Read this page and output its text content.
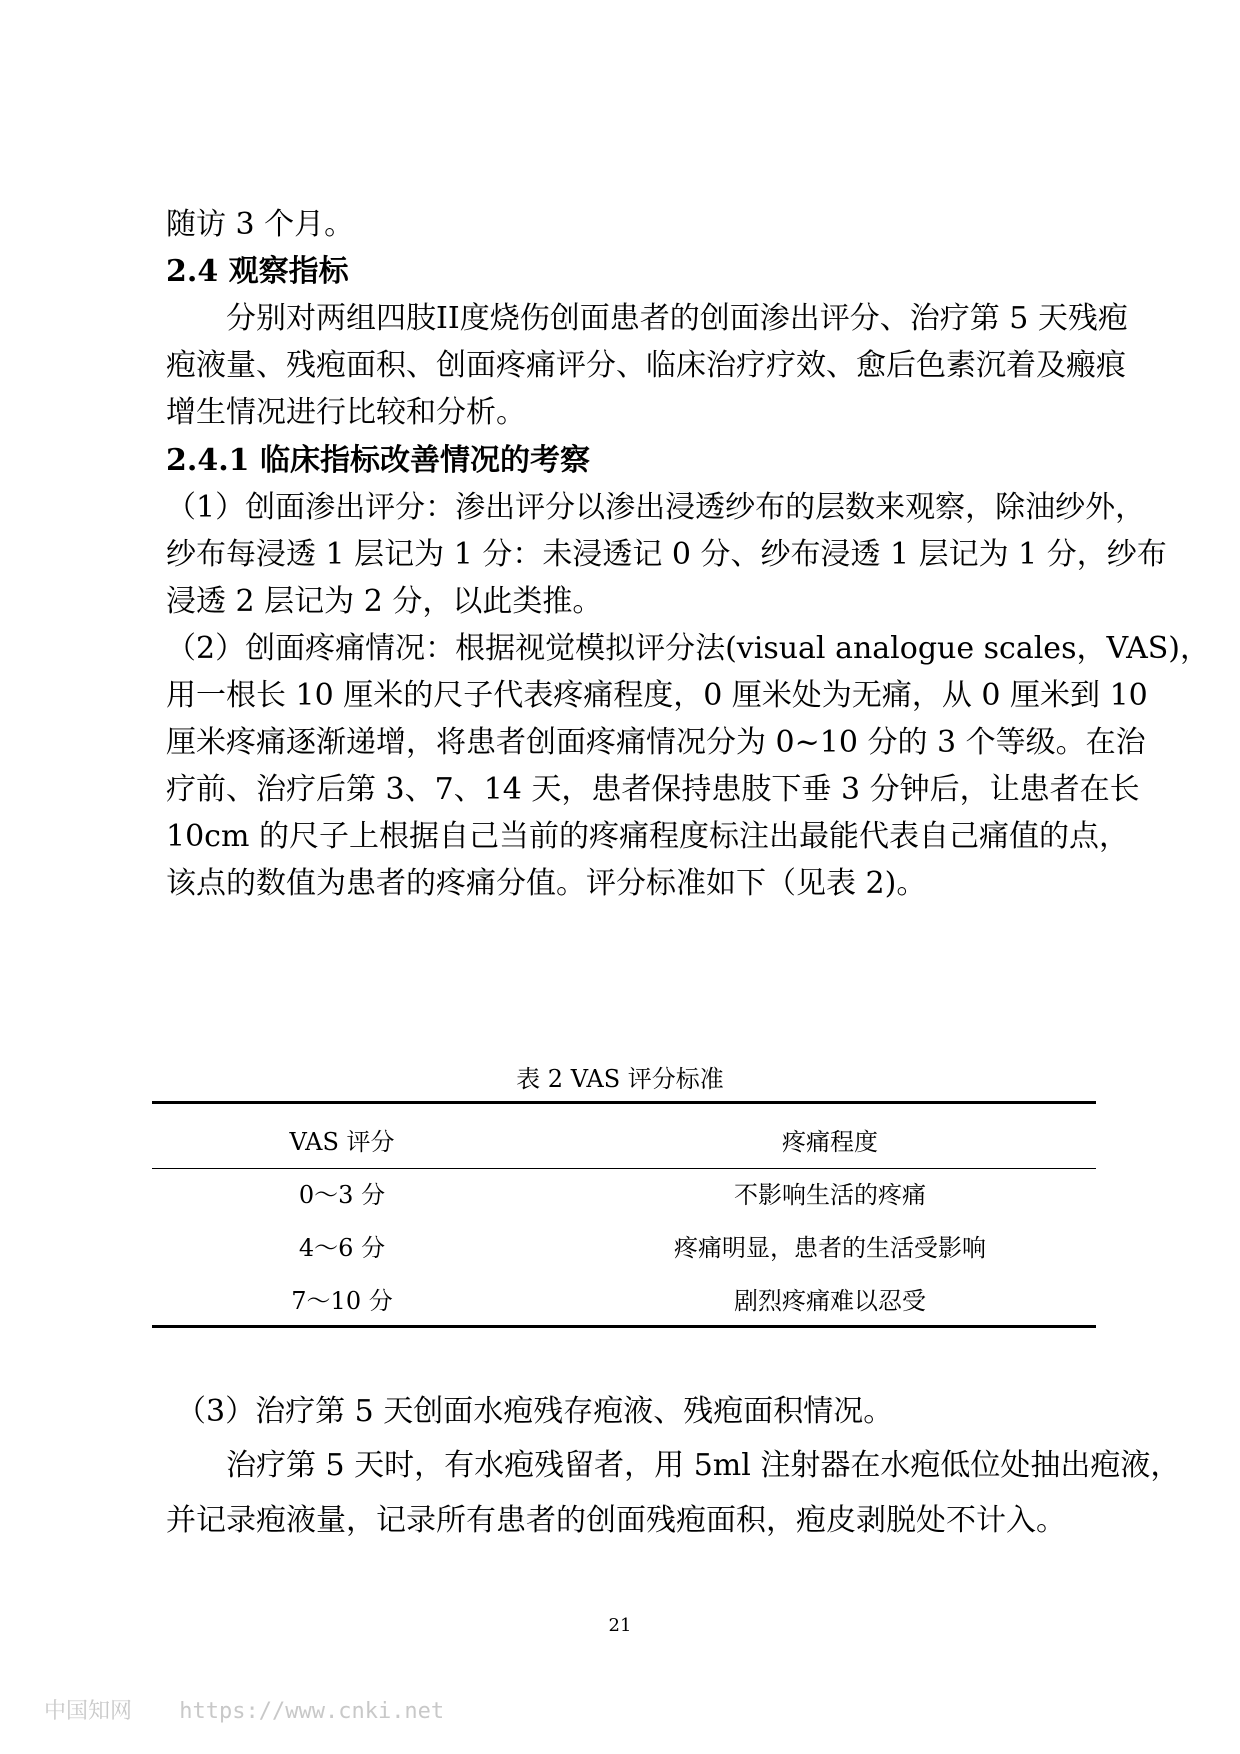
随访 3 个月。
2.4 观察指标
分别对两组四肢II度烧伤创面患者的创面渗出评分、治疗第 5 天残疱
疱液量、残疱面积、创面疼痛评分、临床治疗疗效、愈后色素沉着及瘢痕
增生情况进行比较和分析。
2.4.1 临床指标改善情况的考察
（1）创面渗出评分：渗出评分以渗出浸透纱布的层数来观察，除油纱外，
纱布每浸透 1 层记为 1 分：未浸透记 0 分、纱布浸透 1 层记为 1 分，纱布
浸透 2 层记为 2 分，以此类推。
（2）创面疼痛情况：根据视觉模拟评分法(visual analogue scales，VAS)，
用一根长 10 厘米的尺子代表疼痛程度，0 厘米处为无痛，从 0 厘米到 10
厘米疼痛逐渐递增，将患者创面疼痛情况分为 0~10 分的 3 个等级。在治
疗前、治疗后第 3、7、14 天，患者保持患肢下垂 3 分钟后，让患者在长
10cm 的尺子上根据自己当前的疼痛程度标注出最能代表自己痛值的点，
该点的数值为患者的疼痛分值。评分标准如下（见表 2)。
表 2 VAS 评分标准
VAS 评分	疼痛程度
0～3 分	不影响生活的疼痛
4～6 分	疼痛明显，患者的生活受影响
7～10 分	剧烈疼痛难以忍受
（3）治疗第 5 天创面水疱残存疱液、残疱面积情况。
治疗第 5 天时，有水疱残留者，用 5ml 注射器在水疱低位处抽出疱液，
并记录疱液量，记录所有患者的创面残疱面积，疱皮剥脱处不计入。
21
中国知网 https://www.cnki.net
